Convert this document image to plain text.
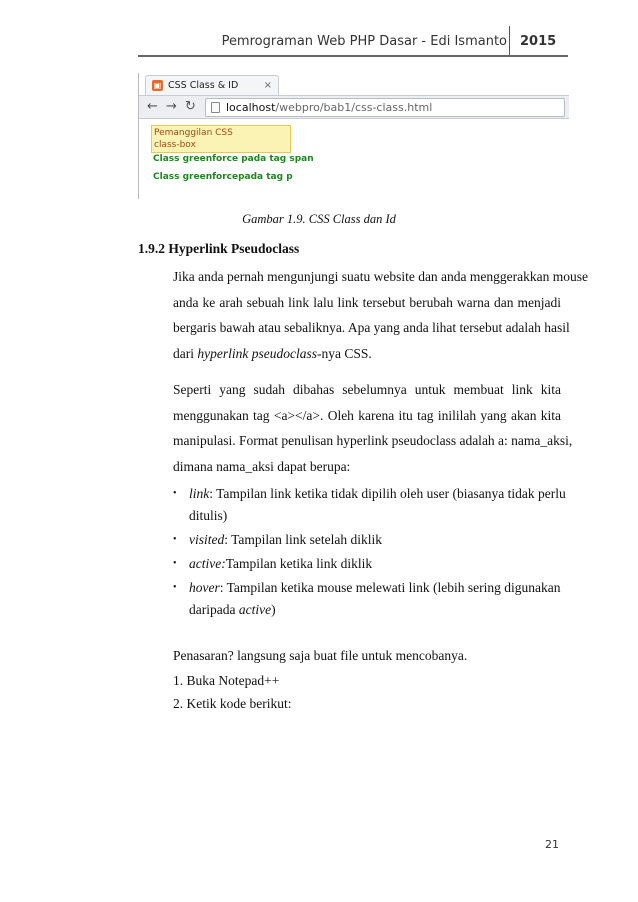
Pemrograman Web PHP Dasar - Edi Ismanto 2015
▣ CSS Class & ID	×
← → ↻	localhost/webpro/bab1/css-class.html
Pemanggilan CSS
class-box
Class greenforce pada tag span
Class greenforcepada tag p
Gambar 1.9. CSS Class dan Id
1.9.2 Hyperlink Pseudoclass
Jika anda pernah mengunjungi suatu website dan anda menggerakkan mouse
anda ke arah sebuah link lalu link tersebut berubah warna dan menjadi
bergaris bawah atau sebaliknya. Apa yang anda lihat tersebut adalah hasil
dari hyperlink pseudoclass-nya CSS.
Seperti yang sudah dibahas sebelumnya untuk membuat link kita
menggunakan tag <a></a>. Oleh karena itu tag inililah yang akan kita
manipulasi. Format penulisan hyperlink pseudoclass adalah a: nama_aksi,
dimana nama_aksi dapat berupa:
• link: Tampilan link ketika tidak dipilih oleh user (biasanya tidak perlu
ditulis)
• visited: Tampilan link setelah diklik
• active:Tampilan ketika link diklik
• hover: Tampilan ketika mouse melewati link (lebih sering digunakan
daripada active)
Penasaran? langsung saja buat file untuk mencobanya.
1. Buka Notepad++
2. Ketik kode berikut:
21
